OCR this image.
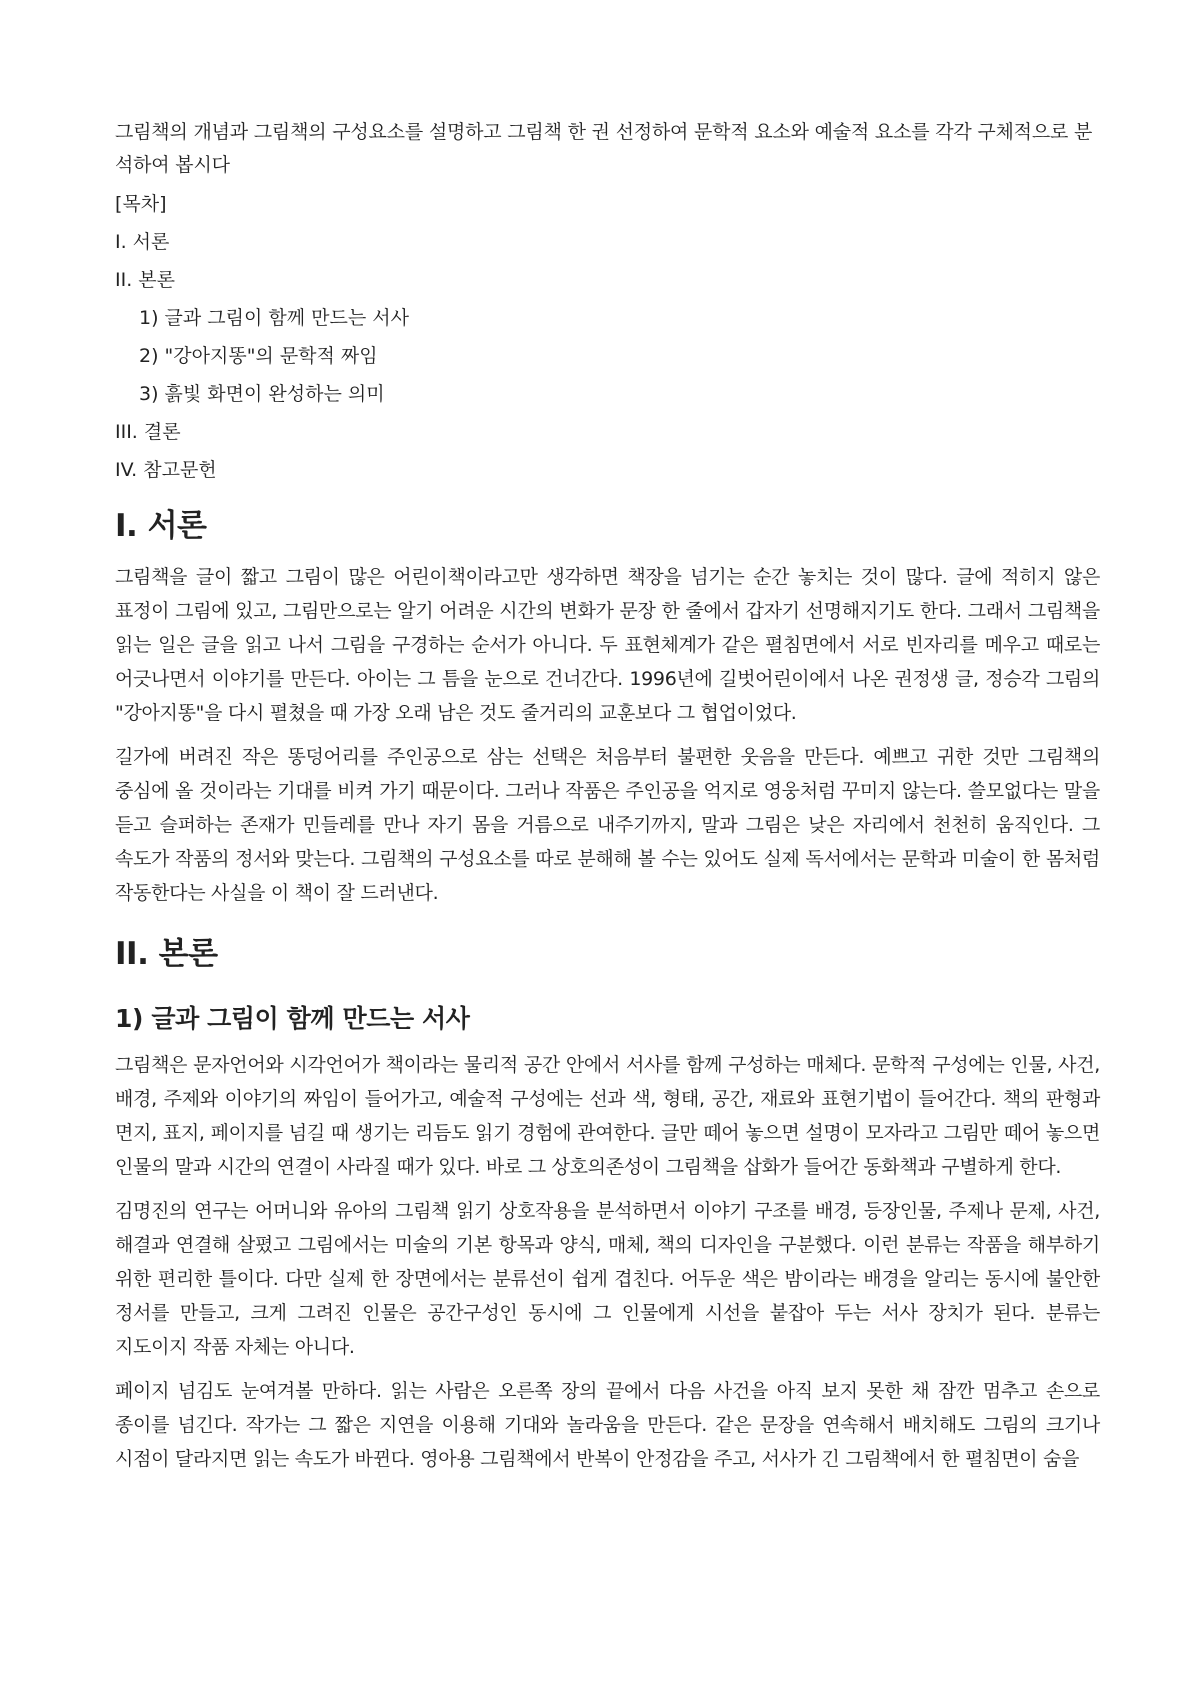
그림책의 개념과 그림책의 구성요소를 설명하고 그림책 한 권 선정하여 문학적 요소와 예술적 요소를 각각 구체적으로 분석하여 봅시다

[목차]
I. 서론
II. 본론
1) 글과 그림이 함께 만드는 서사
2) "강아지똥"의 문학적 짜임
3) 흙빛 화면이 완성하는 의미
III. 결론
IV. 참고문헌
I. 서론

그림책을 글이 짧고 그림이 많은 어린이책이라고만 생각하면 책장을 넘기는 순간 놓치는 것이 많다. 글에 적히지 않은 표정이 그림에 있고, 그림만으로는 알기 어려운 시간의 변화가 문장 한 줄에서 갑자기 선명해지기도 한다. 그래서 그림책을 읽는 일은 글을 읽고 나서 그림을 구경하는 순서가 아니다. 두 표현체계가 같은 펼침면에서 서로 빈자리를 메우고 때로는 어긋나면서 이야기를 만든다. 아이는 그 틈을 눈으로 건너간다. 1996년에 길벗어린이에서 나온 권정생 글, 정승각 그림의 "강아지똥"을 다시 펼쳤을 때 가장 오래 남은 것도 줄거리의 교훈보다 그 협업이었다.

길가에 버려진 작은 똥덩어리를 주인공으로 삼는 선택은 처음부터 불편한 웃음을 만든다. 예쁘고 귀한 것만 그림책의 중심에 올 것이라는 기대를 비켜 가기 때문이다. 그러나 작품은 주인공을 억지로 영웅처럼 꾸미지 않는다. 쓸모없다는 말을 듣고 슬퍼하는 존재가 민들레를 만나 자기 몸을 거름으로 내주기까지, 말과 그림은 낮은 자리에서 천천히 움직인다. 그 속도가 작품의 정서와 맞는다. 그림책의 구성요소를 따로 분해해 볼 수는 있어도 실제 독서에서는 문학과 미술이 한 몸처럼 작동한다는 사실을 이 책이 잘 드러낸다.

II. 본론
1) 글과 그림이 함께 만드는 서사

그림책은 문자언어와 시각언어가 책이라는 물리적 공간 안에서 서사를 함께 구성하는 매체다. 문학적 구성에는 인물, 사건, 배경, 주제와 이야기의 짜임이 들어가고, 예술적 구성에는 선과 색, 형태, 공간, 재료와 표현기법이 들어간다. 책의 판형과 면지, 표지, 페이지를 넘길 때 생기는 리듬도 읽기 경험에 관여한다. 글만 떼어 놓으면 설명이 모자라고 그림만 떼어 놓으면 인물의 말과 시간의 연결이 사라질 때가 있다. 바로 그 상호의존성이 그림책을 삽화가 들어간 동화책과 구별하게 한다.

김명진의 연구는 어머니와 유아의 그림책 읽기 상호작용을 분석하면서 이야기 구조를 배경, 등장인물, 주제나 문제, 사건, 해결과 연결해 살폈고 그림에서는 미술의 기본 항목과 양식, 매체, 책의 디자인을 구분했다. 이런 분류는 작품을 해부하기 위한 편리한 틀이다. 다만 실제 한 장면에서는 분류선이 쉽게 겹친다. 어두운 색은 밤이라는 배경을 알리는 동시에 불안한 정서를 만들고, 크게 그려진 인물은 공간구성인 동시에 그 인물에게 시선을 붙잡아 두는 서사 장치가 된다. 분류는 지도이지 작품 자체는 아니다.

페이지 넘김도 눈여겨볼 만하다. 읽는 사람은 오른쪽 장의 끝에서 다음 사건을 아직 보지 못한 채 잠깐 멈추고 손으로 종이를 넘긴다. 작가는 그 짧은 지연을 이용해 기대와 놀라움을 만든다. 같은 문장을 연속해서 배치해도 그림의 크기나 시점이 달라지면 읽는 속도가 바뀐다. 영아용 그림책에서 반복이 안정감을 주고, 서사가 긴 그림책에서 한 펼침면이 숨을
